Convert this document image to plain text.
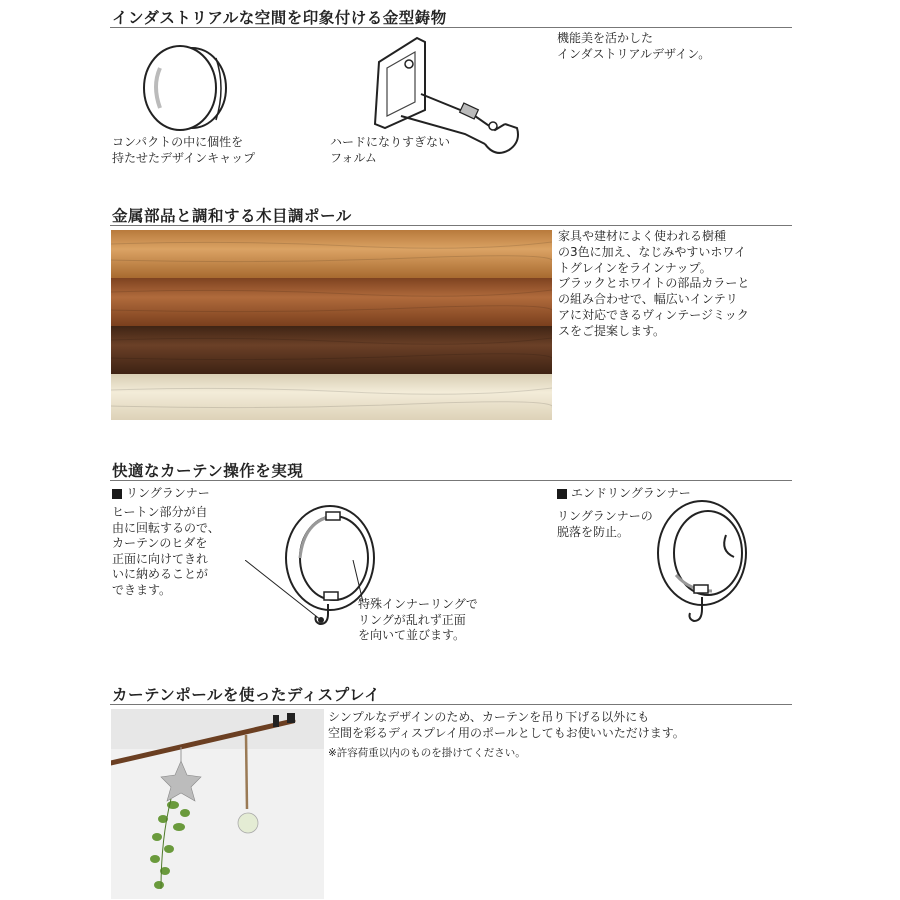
インダストリアルな空間を印象付ける金型鋳物
機能美を活かした
インダストリアルデザイン。
コンパクトの中に個性を
持たせたデザインキャップ
ハードになりすぎない
フォルム
金属部品と調和する木目調ポール
家具や建材によく使われる樹種
の3色に加え、なじみやすいホワイ
トグレインをラインナップ。
ブラックとホワイトの部品カラーと
の組み合わせで、幅広いインテリ
アに対応できるヴィンテージミック
スをご提案します。
快適なカーテン操作を実現
リングランナー
ヒートン部分が自
由に回転するので、
カーテンのヒダを
正面に向けてきれ
いに納めることが
できます。
特殊インナーリングで
リングが乱れず正面
を向いて並びます。
エンドリングランナー
リングランナーの
脱落を防止。
カーテンポールを使ったディスプレイ
シンプルなデザインのため、カーテンを吊り下げる以外にも
空間を彩るディスプレイ用のポールとしてもお使いいただけます。
※許容荷重以内のものを掛けてください。
